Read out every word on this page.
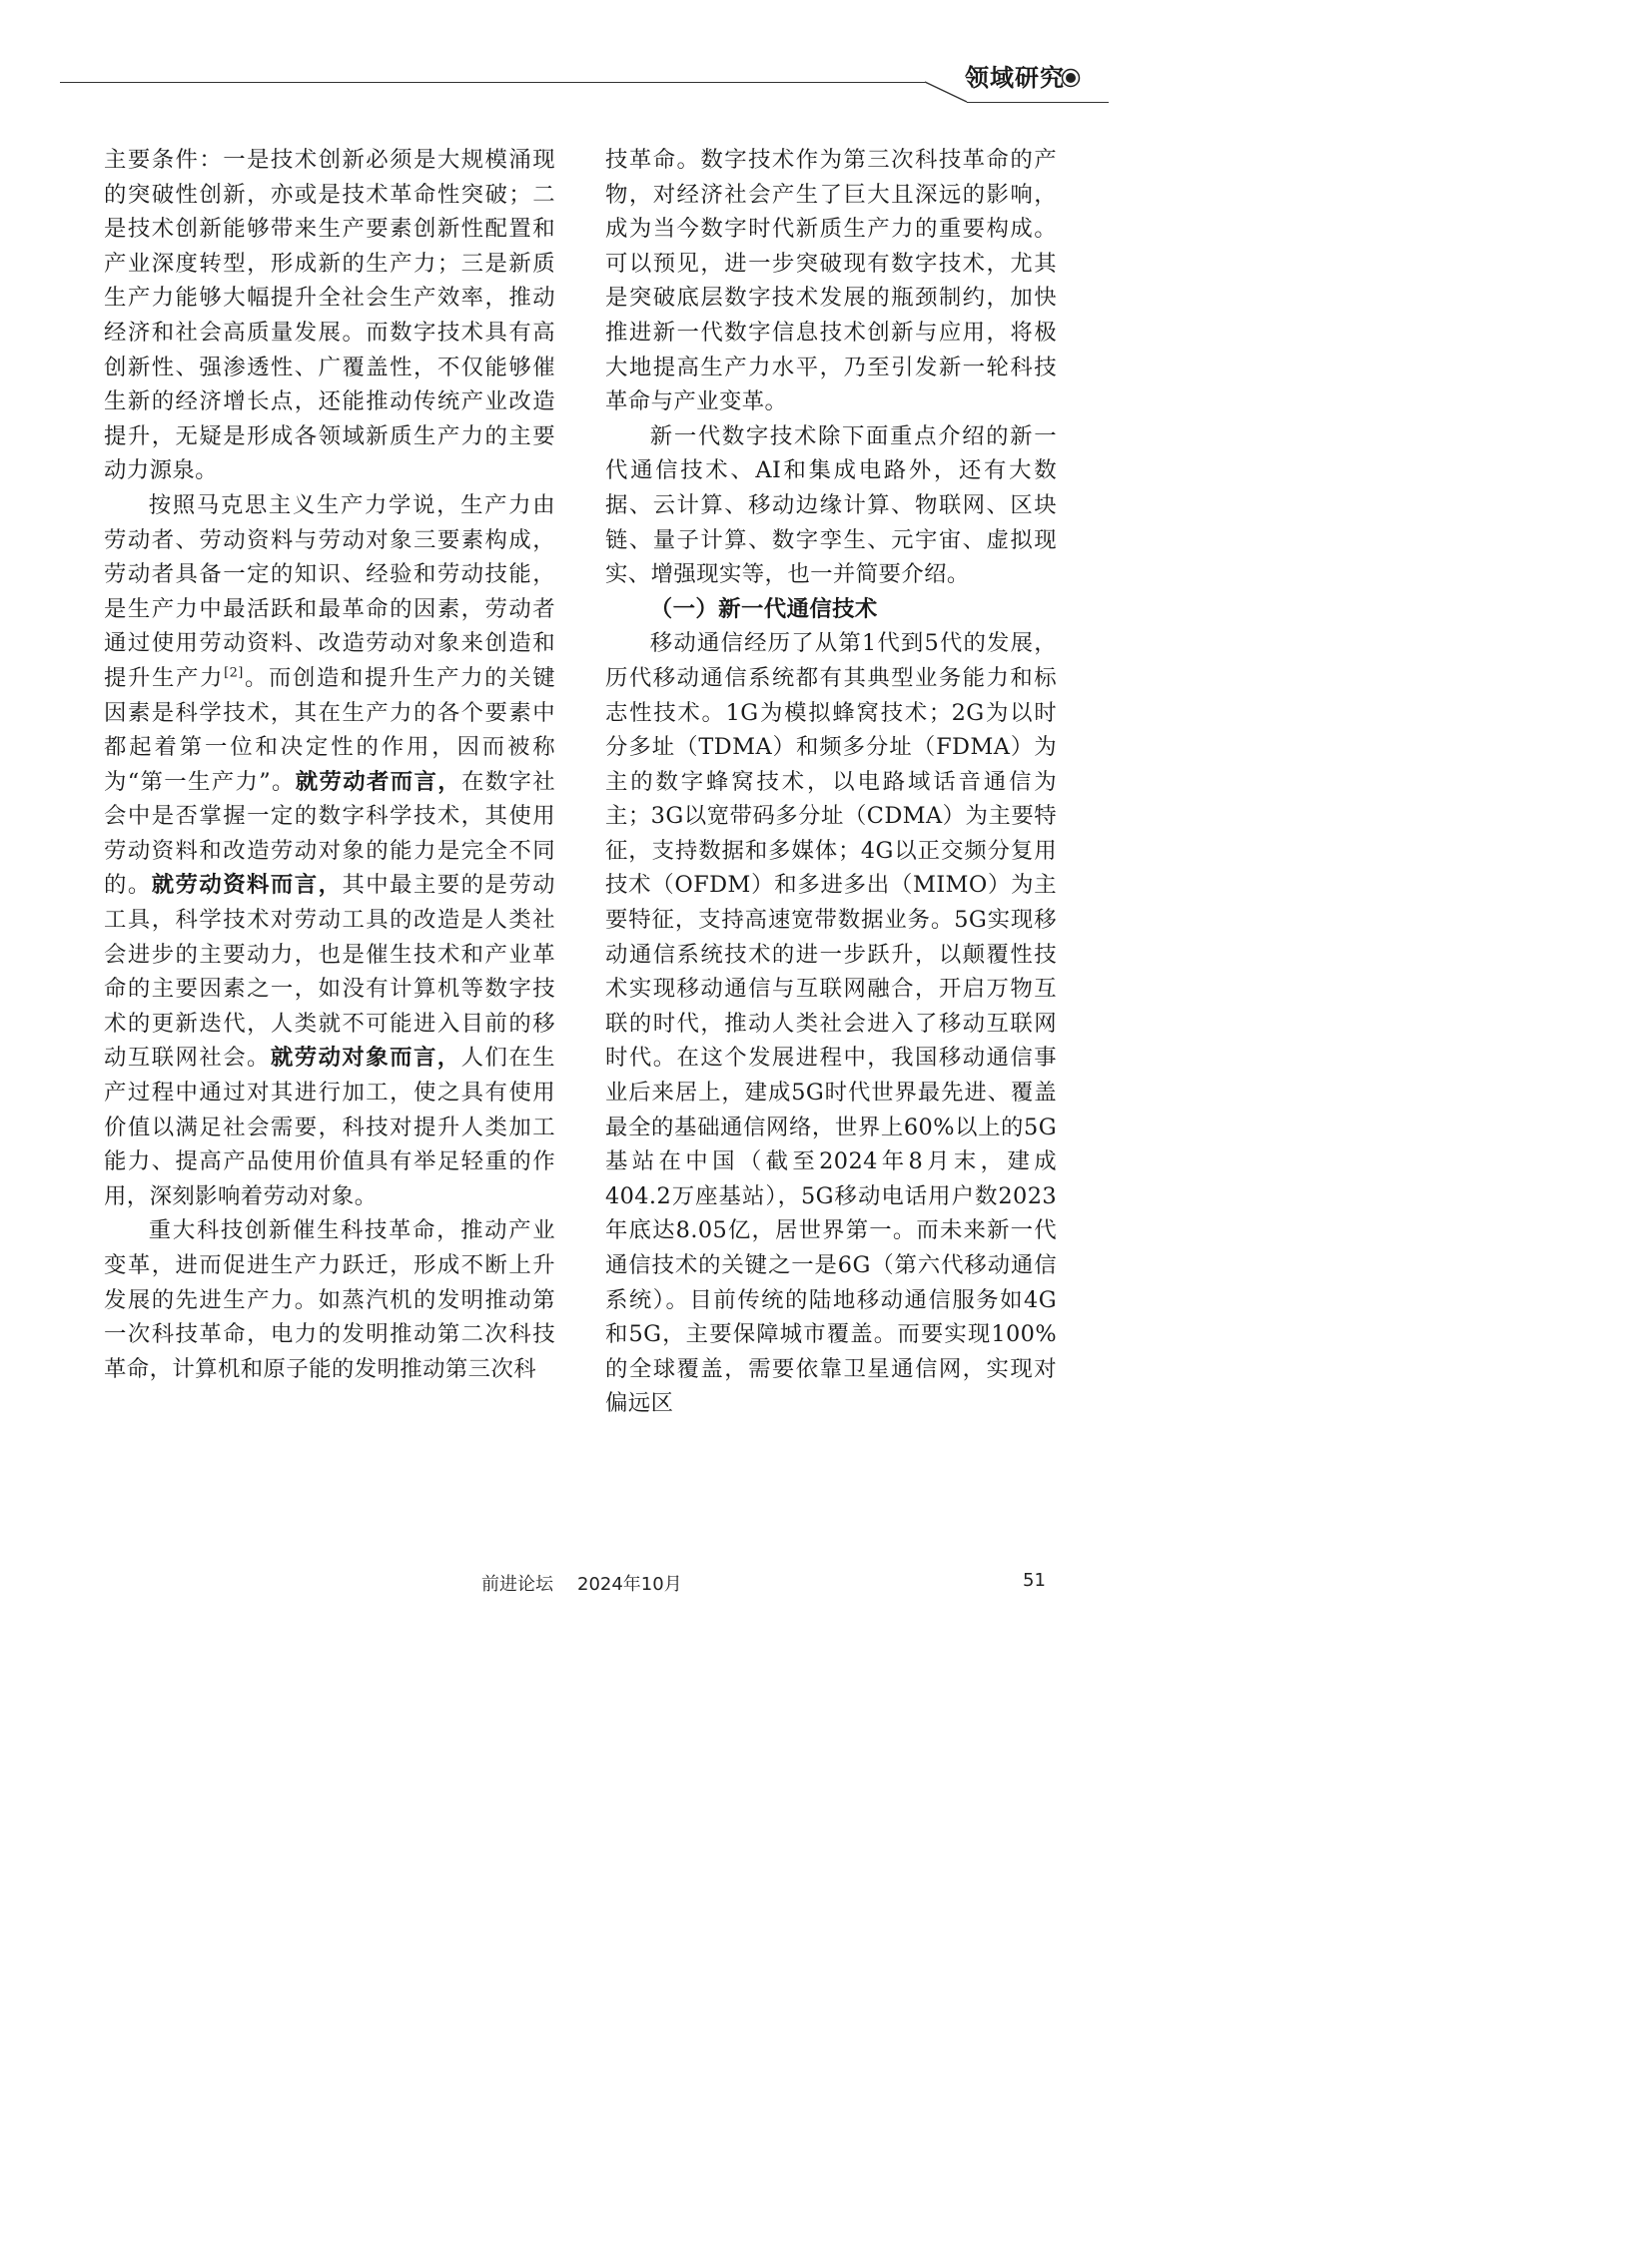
领域研究

主要条件：一是技术创新必须是大规模涌现的突破性创新，亦或是技术革命性突破；二是技术创新能够带来生产要素创新性配置和产业深度转型，形成新的生产力；三是新质生产力能够大幅提升全社会生产效率，推动经济和社会高质量发展。而数字技术具有高创新性、强渗透性、广覆盖性，不仅能够催生新的经济增长点，还能推动传统产业改造提升，无疑是形成各领域新质生产力的主要动力源泉。

按照马克思主义生产力学说，生产力由劳动者、劳动资料与劳动对象三要素构成，劳动者具备一定的知识、经验和劳动技能，是生产力中最活跃和最革命的因素，劳动者通过使用劳动资料、改造劳动对象来创造和提升生产力[2]。而创造和提升生产力的关键因素是科学技术，其在生产力的各个要素中都起着第一位和决定性的作用，因而被称为“第一生产力”。就劳动者而言，在数字社会中是否掌握一定的数字科学技术，其使用劳动资料和改造劳动对象的能力是完全不同的。就劳动资料而言，其中最主要的是劳动工具，科学技术对劳动工具的改造是人类社会进步的主要动力，也是催生技术和产业革命的主要因素之一，如没有计算机等数字技术的更新迭代，人类就不可能进入目前的移动互联网社会。就劳动对象而言，人们在生产过程中通过对其进行加工，使之具有使用价值以满足社会需要，科技对提升人类加工能力、提高产品使用价值具有举足轻重的作用，深刻影响着劳动对象。

重大科技创新催生科技革命，推动产业变革，进而促进生产力跃迁，形成不断上升发展的先进生产力。如蒸汽机的发明推动第一次科技革命，电力的发明推动第二次科技革命，计算机和原子能的发明推动第三次科

技革命。数字技术作为第三次科技革命的产物，对经济社会产生了巨大且深远的影响，成为当今数字时代新质生产力的重要构成。可以预见，进一步突破现有数字技术，尤其是突破底层数字技术发展的瓶颈制约，加快推进新一代数字信息技术创新与应用，将极大地提高生产力水平，乃至引发新一轮科技革命与产业变革。

新一代数字技术除下面重点介绍的新一代通信技术、AI和集成电路外，还有大数据、云计算、移动边缘计算、物联网、区块链、量子计算、数字孪生、元宇宙、虚拟现实、增强现实等，也一并简要介绍。

（一）新一代通信技术

移动通信经历了从第1代到5代的发展，历代移动通信系统都有其典型业务能力和标志性技术。1G为模拟蜂窝技术；2G为以时分多址（TDMA）和频多分址（FDMA）为主的数字蜂窝技术，以电路域话音通信为主；3G以宽带码多分址（CDMA）为主要特征，支持数据和多媒体；4G以正交频分复用技术（OFDM）和多进多出（MIMO）为主要特征，支持高速宽带数据业务。5G实现移动通信系统技术的进一步跃升，以颠覆性技术实现移动通信与互联网融合，开启万物互联的时代，推动人类社会进入了移动互联网时代。在这个发展进程中，我国移动通信事业后来居上，建成5G时代世界最先进、覆盖最全的基础通信网络，世界上60%以上的5G基站在中国（截至2024年8月末，建成404.2万座基站），5G移动电话用户数2023年底达8.05亿，居世界第一。而未来新一代通信技术的关键之一是6G（第六代移动通信系统）。目前传统的陆地移动通信服务如4G和5G，主要保障城市覆盖。而要实现100%的全球覆盖，需要依靠卫星通信网，实现对偏远区

前进论坛 2024年10月	51
